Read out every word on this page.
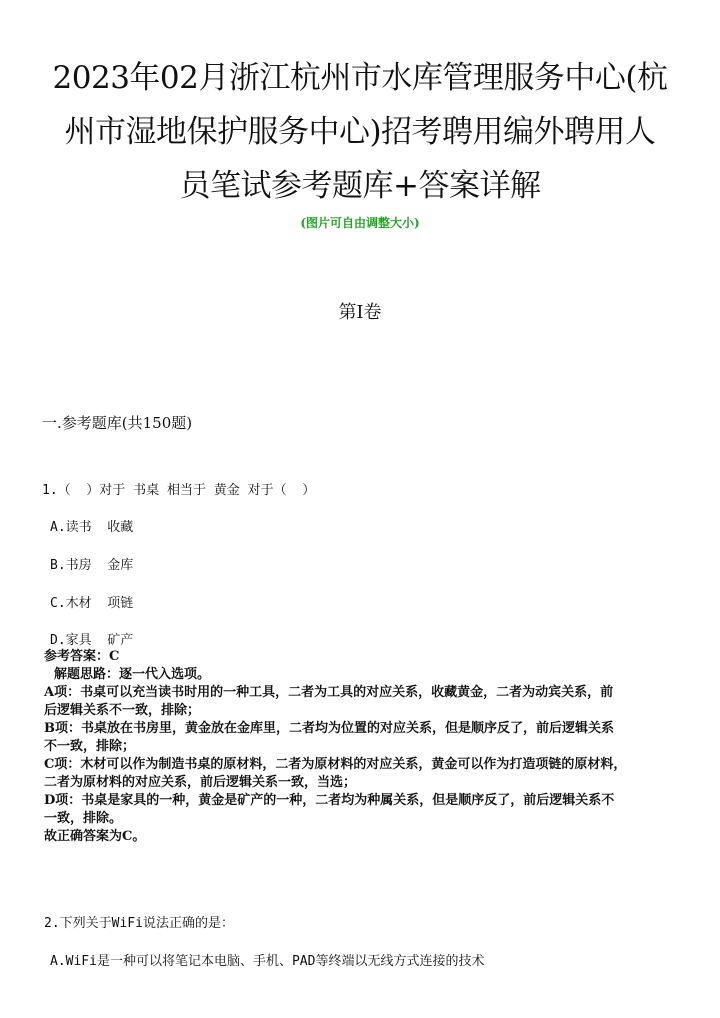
2023年02月浙江杭州市水库管理服务中心(杭
州市湿地保护服务中心)招考聘用编外聘用人
员笔试参考题库+答案详解
(图片可自由调整大小)
第I卷
一.参考题库(共150题)
1.（  ）对于 书桌 相当于 黄金 对于（  ）
A.读书  收藏
B.书房  金库
C.木材  项链
D.家具  矿产
参考答案：C
解题思路：逐一代入选项。
A项：书桌可以充当读书时用的一种工具，二者为工具的对应关系，收藏黄金，二者为动宾关系，前
后逻辑关系不一致，排除；
B项：书桌放在书房里，黄金放在金库里，二者均为位置的对应关系，但是顺序反了，前后逻辑关系
不一致，排除；
C项：木材可以作为制造书桌的原材料，二者为原材料的对应关系，黄金可以作为打造项链的原材料，
二者为原材料的对应关系，前后逻辑关系一致，当选；
D项：书桌是家具的一种，黄金是矿产的一种，二者均为种属关系，但是顺序反了，前后逻辑关系不
一致，排除。
故正确答案为C。
2.下列关于WiFi说法正确的是：
A.WiFi是一种可以将笔记本电脑、手机、PAD等终端以无线方式连接的技术
